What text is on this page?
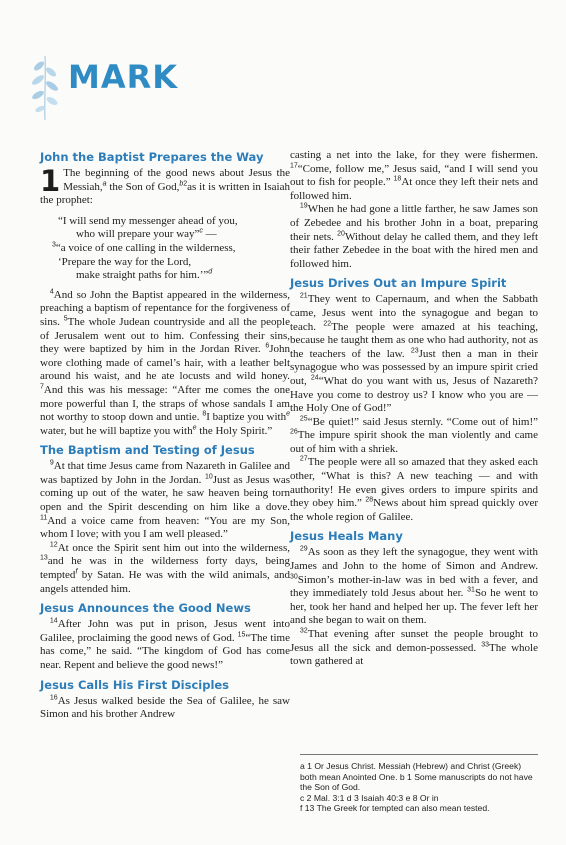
MARK
John the Baptist Prepares the Way

1 The beginning of the good news about Jesus the Messiah,$^a$ the Son of God,$^{b2}$as it is written in Isaiah the prophet:

“I will send my messenger ahead of you,
who will prepare your way”$^c$ —
$^3$“a voice of one calling in the wilderness,
‘Prepare the way for the Lord,
make straight paths for him.’”$^d$

$^4$And so John the Baptist appeared in the wilderness, preaching a baptism of repentance for the forgiveness of sins. $^5$The whole Judean countryside and all the people of Jerusalem went out to him. Confessing their sins, they were baptized by him in the Jordan River. $^6$John wore clothing made of camel’s hair, with a leather belt around his waist, and he ate locusts and wild honey. $^7$And this was his message: “After me comes the one more powerful than I, the straps of whose sandals I am not worthy to stoop down and untie. $^8$I baptize you with$^e$ water, but he will baptize you with$^e$ the Holy Spirit.”

The Baptism and Testing of Jesus

$^9$At that time Jesus came from Nazareth in Galilee and was baptized by John in the Jordan. $^{10}$Just as Jesus was coming up out of the water, he saw heaven being torn open and the Spirit descending on him like a dove. $^{11}$And a voice came from heaven: “You are my Son, whom I love; with you I am well pleased.”

$^{12}$At once the Spirit sent him out into the wilderness, $^{13}$and he was in the wilderness forty days, being tempted$^f$ by Satan. He was with the wild animals, and angels attended him.

Jesus Announces the Good News

$^{14}$After John was put in prison, Jesus went into Galilee, proclaiming the good news of God. $^{15}$“The time has come,” he said. “The kingdom of God has come near. Repent and believe the good news!”

Jesus Calls His First Disciples

$^{16}$As Jesus walked beside the Sea of Galilee, he saw Simon and his brother Andrew

casting a net into the lake, for they were fishermen. $^{17}$“Come, follow me,” Jesus said, “and I will send you out to fish for people.” $^{18}$At once they left their nets and followed him.

$^{19}$When he had gone a little farther, he saw James son of Zebedee and his brother John in a boat, preparing their nets. $^{20}$Without delay he called them, and they left their father Zebedee in the boat with the hired men and followed him.

Jesus Drives Out an Impure Spirit

$^{21}$They went to Capernaum, and when the Sabbath came, Jesus went into the synagogue and began to teach. $^{22}$The people were amazed at his teaching, because he taught them as one who had authority, not as the teachers of the law. $^{23}$Just then a man in their synagogue who was possessed by an impure spirit cried out, $^{24}$“What do you want with us, Jesus of Nazareth? Have you come to destroy us? I know who you are — the Holy One of God!”

$^{25}$“Be quiet!” said Jesus sternly. “Come out of him!” $^{26}$The impure spirit shook the man violently and came out of him with a shriek.

$^{27}$The people were all so amazed that they asked each other, “What is this? A new teaching — and with authority! He even gives orders to impure spirits and they obey him.” $^{28}$News about him spread quickly over the whole region of Galilee.

Jesus Heals Many

$^{29}$As soon as they left the synagogue, they went with James and John to the home of Simon and Andrew. $^{30}$Simon’s mother-in-law was in bed with a fever, and they immediately told Jesus about her. $^{31}$So he went to her, took her hand and helped her up. The fever left her and she began to wait on them.

$^{32}$That evening after sunset the people brought to Jesus all the sick and demon-possessed. $^{33}$The whole town gathered at

a 1 Or Jesus Christ. Messiah (Hebrew) and Christ (Greek) both mean Anointed One. b 1 Some manuscripts do not have the Son of God.

c 2 Mal. 3:1 d 3 Isaiah 40:3 e 8 Or in

f 13 The Greek for tempted can also mean tested.
